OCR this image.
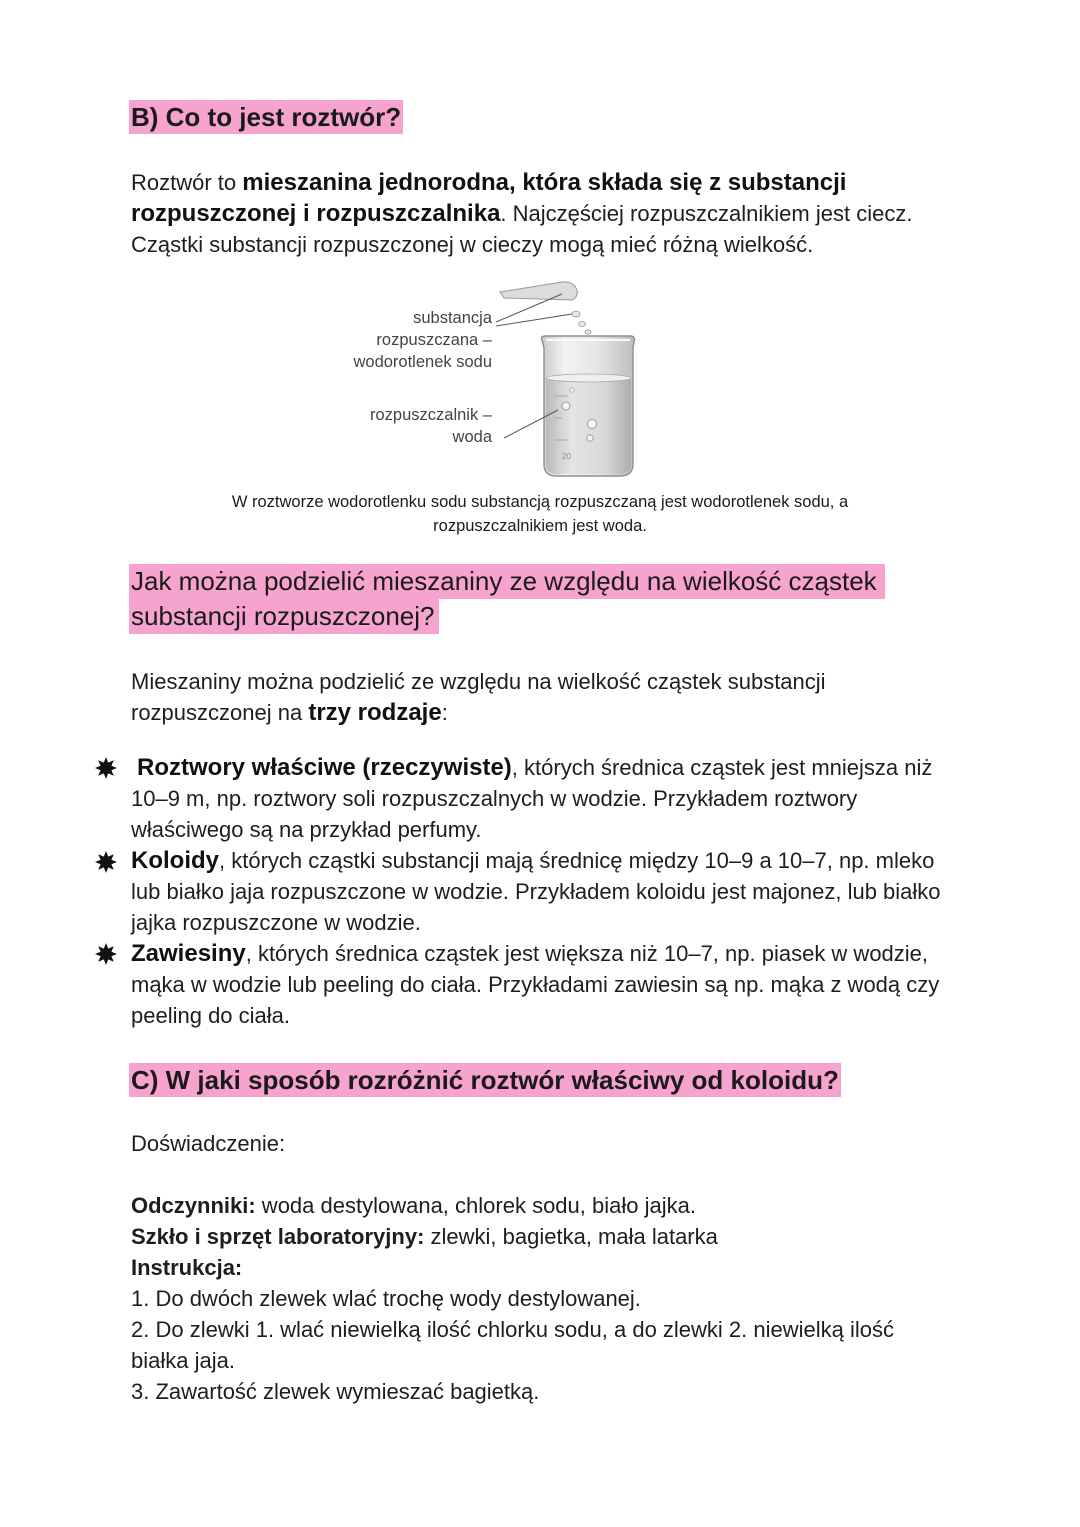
B) Co to jest roztwór?
Roztwór to mieszanina jednorodna, która składa się z substancji rozpuszczonej i rozpuszczalnika. Najczęściej rozpuszczalnikiem jest ciecz. Cząstki substancji rozpuszczonej w cieczy mogą mieć różną wielkość.
substancja
rozpuszczana –
wodorotlenek sodu
rozpuszczalnik –
woda
20
W roztworze wodorotlenku sodu substancją rozpuszczaną jest wodorotlenek sodu, a
rozpuszczalnikiem jest woda.
Jak można podzielić mieszaniny ze względu na wielkość cząstek
substancji rozpuszczonej?
Mieszaniny można podzielić ze względu na wielkość cząstek substancji rozpuszczonej na trzy rodzaje:
Roztwory właściwe (rzeczywiste), których średnica cząstek jest mniejsza niż 10–9 m, np. roztwory soli rozpuszczalnych w wodzie. Przykładem roztwory właściwego są na przykład perfumy.
Koloidy, których cząstki substancji mają średnicę między 10–9 a 10–7, np. mleko lub białko jaja rozpuszczone w wodzie. Przykładem koloidu jest majonez, lub białko jajka rozpuszczone w wodzie.
Zawiesiny, których średnica cząstek jest większa niż 10–7, np. piasek w wodzie, mąka w wodzie lub peeling do ciała. Przykładami zawiesin są np. mąka z wodą czy peeling do ciała.
C) W jaki sposób rozróżnić roztwór właściwy od koloidu?
Doświadczenie:
Odczynniki: woda destylowana, chlorek sodu, biało jajka.
Szkło i sprzęt laboratoryjny: zlewki, bagietka, mała latarka
Instrukcja:
1. Do dwóch zlewek wlać trochę wody destylowanej.
2. Do zlewki 1. wlać niewielką ilość chlorku sodu, a do zlewki 2. niewielką ilość białka jaja.
3. Zawartość zlewek wymieszać bagietką.
